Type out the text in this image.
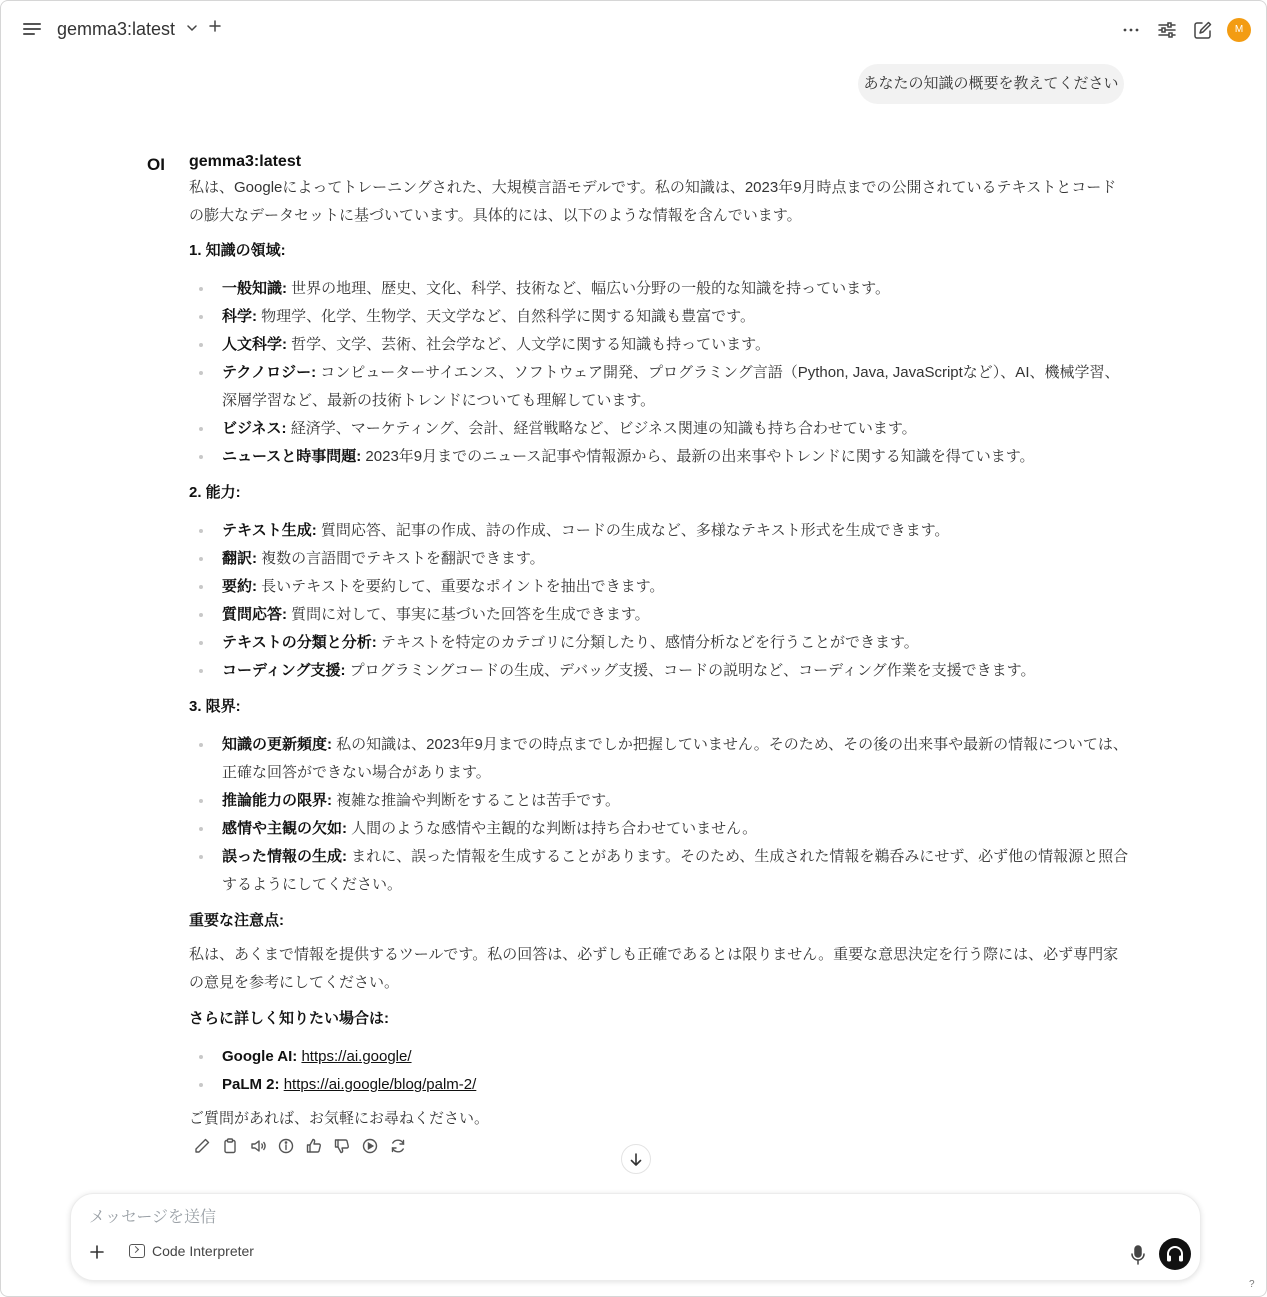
gemma3:latest	M
あなたの知識の概要を教えてください
OI gemma3:latest

私は、Googleによってトレーニングされた、大規模言語モデルです。私の知識は、2023年9月時点までの公開されているテキストとコードの膨大なデータセットに基づいています。具体的には、以下のような情報を含んでいます。

1. 知識の領域:

一般知識: 世界の地理、歴史、文化、科学、技術など、幅広い分野の一般的な知識を持っています。
科学: 物理学、化学、生物学、天文学など、自然科学に関する知識も豊富です。
人文科学: 哲学、文学、芸術、社会学など、人文学に関する知識も持っています。
テクノロジー: コンピューターサイエンス、ソフトウェア開発、プログラミング言語（Python, Java, JavaScriptなど）、AI、機械学習、深層学習など、最新の技術トレンドについても理解しています。
ビジネス: 経済学、マーケティング、会計、経営戦略など、ビジネス関連の知識も持ち合わせています。
ニュースと時事問題: 2023年9月までのニュース記事や情報源から、最新の出来事やトレンドに関する知識を得ています。

2. 能力:

テキスト生成: 質問応答、記事の作成、詩の作成、コードの生成など、多様なテキスト形式を生成できます。
翻訳: 複数の言語間でテキストを翻訳できます。
要約: 長いテキストを要約して、重要なポイントを抽出できます。
質問応答: 質問に対して、事実に基づいた回答を生成できます。
テキストの分類と分析: テキストを特定のカテゴリに分類したり、感情分析などを行うことができます。
コーディング支援: プログラミングコードの生成、デバッグ支援、コードの説明など、コーディング作業を支援できます。

3. 限界:

知識の更新頻度: 私の知識は、2023年9月までの時点までしか把握していません。そのため、その後の出来事や最新の情報については、正確な回答ができない場合があります。
推論能力の限界: 複雑な推論や判断をすることは苦手です。
感情や主観の欠如: 人間のような感情や主観的な判断は持ち合わせていません。
誤った情報の生成: まれに、誤った情報を生成することがあります。そのため、生成された情報を鵜呑みにせず、必ず他の情報源と照合するようにしてください。

重要な注意点:

私は、あくまで情報を提供するツールです。私の回答は、必ずしも正確であるとは限りません。重要な意思決定を行う際には、必ず専門家の意見を参考にしてください。

さらに詳しく知りたい場合は:

Google AI: https://ai.google/
PaLM 2: https://ai.google/blog/palm-2/

ご質問があれば、お気軽にお尋ねください。

メッセージを送信
Code Interpreter
?
